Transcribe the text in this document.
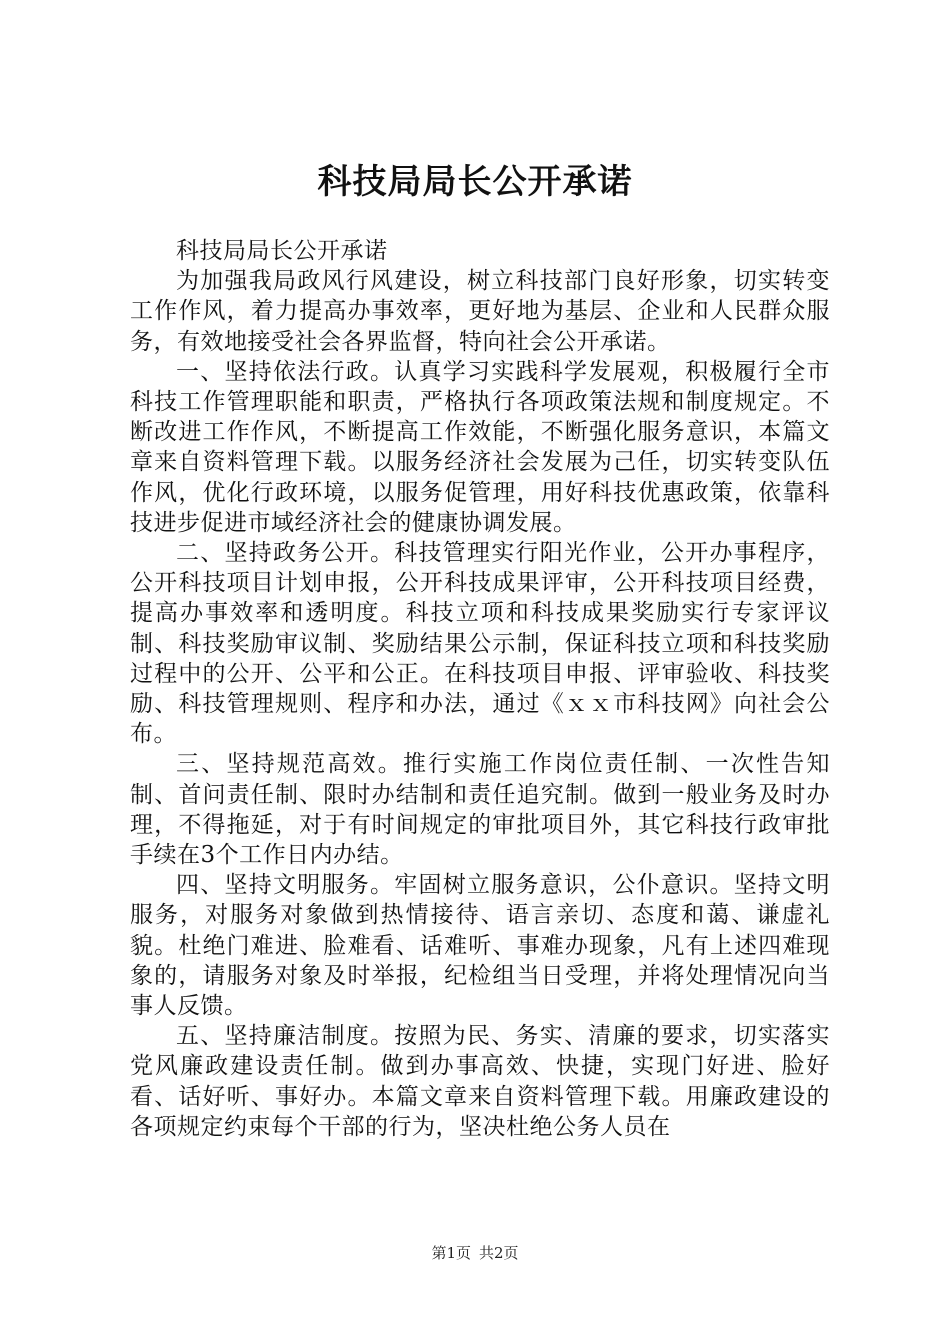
科技局局长公开承诺

科技局局长公开承诺

为加强我局政风行风建设，树立科技部门良好形象，切实转变工作作风，着力提高办事效率，更好地为基层、企业和人民群众服务，有效地接受社会各界监督，特向社会公开承诺。

一、坚持依法行政。认真学习实践科学发展观，积极履行全市科技工作管理职能和职责，严格执行各项政策法规和制度规定。不断改进工作作风，不断提高工作效能，不断强化服务意识，本篇文章来自资料管理下载。以服务经济社会发展为己任，切实转变队伍作风，优化行政环境，以服务促管理，用好科技优惠政策，依靠科技进步促进市域经济社会的健康协调发展。

二、坚持政务公开。科技管理实行阳光作业，公开办事程序，公开科技项目计划申报，公开科技成果评审，公开科技项目经费，提高办事效率和透明度。科技立项和科技成果奖励实行专家评议制、科技奖励审议制、奖励结果公示制，保证科技立项和科技奖励过程中的公开、公平和公正。在科技项目申报、评审验收、科技奖励、科技管理规则、程序和办法，通过《ｘｘ市科技网》向社会公布。

三、坚持规范高效。推行实施工作岗位责任制、一次性告知制、首问责任制、限时办结制和责任追究制。做到一般业务及时办理，不得拖延，对于有时间规定的审批项目外，其它科技行政审批手续在3个工作日内办结。

四、坚持文明服务。牢固树立服务意识，公仆意识。坚持文明服务，对服务对象做到热情接待、语言亲切、态度和蔼、谦虚礼貌。杜绝门难进、脸难看、话难听、事难办现象，凡有上述四难现象的，请服务对象及时举报，纪检组当日受理，并将处理情况向当事人反馈。

五、坚持廉洁制度。按照为民、务实、清廉的要求，切实落实党风廉政建设责任制。做到办事高效、快捷，实现门好进、脸好看、话好听、事好办。本篇文章来自资料管理下载。用廉政建设的各项规定约束每个干部的行为，坚决杜绝公务人员在

第1页 共2页
